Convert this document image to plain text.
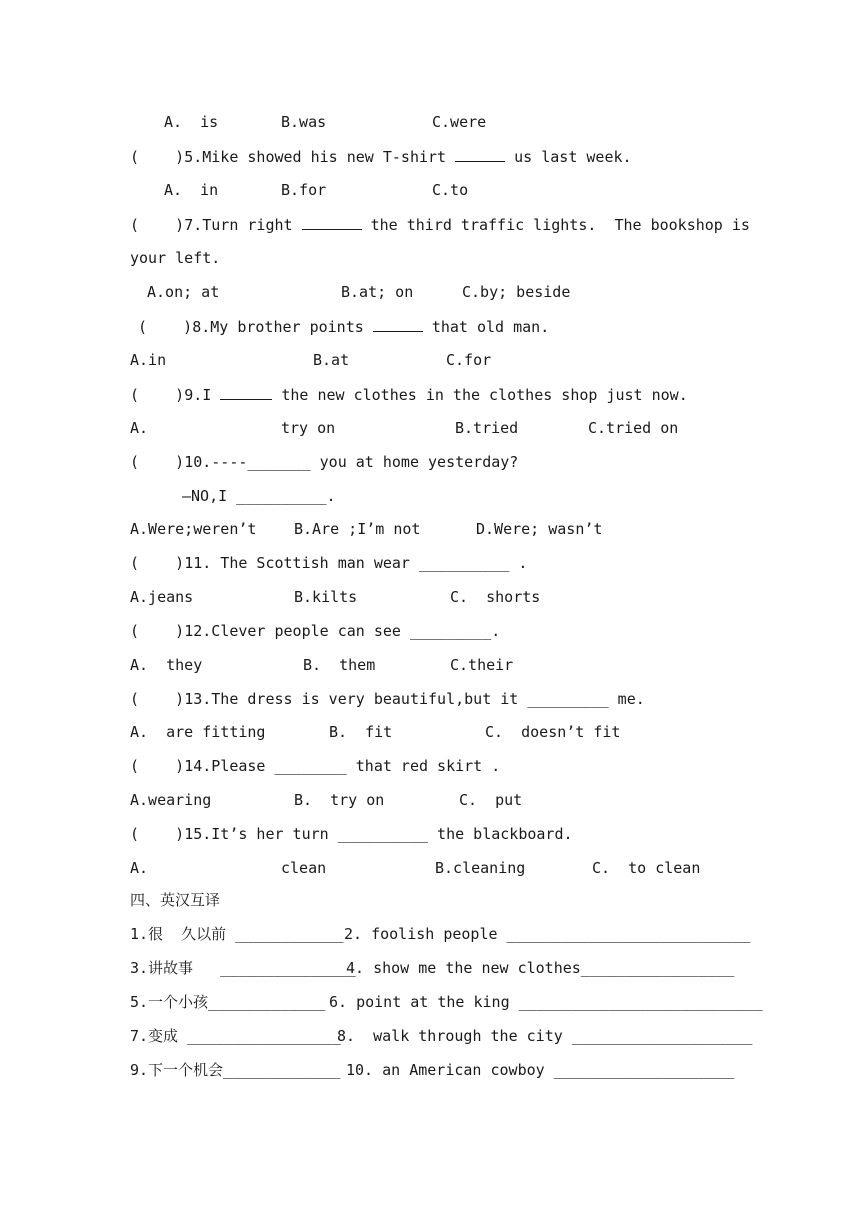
A.  is	B.was	C.were
(    )5.Mike showed his new T-shirt	us last week.
A.  in	B.for	C.to
(    )7.Turn right	the third traffic lights.  The bookshop is
your left.
A.on; at	B.at; on	C.by; beside
(    )8.My brother points	that old man.
A.in	B.at	C.for
(    )9.I	the new clothes in the clothes shop just now.
A.	try on	B.tried	C.tried on
(    )10.----_______ you at home yesterday?
—NO,I __________.
A.Were;weren’t	B.Are ;I’m not	D.Were; wasn’t
(    )11. The Scottish man wear __________ .
A.jeans	B.kilts	C.  shorts
(    )12.Clever people can see _________.
A.  they	B.  them	C.their
(    )13.The dress is very beautiful,but it _________ me.
A.  are fitting	B.  fit	C.  doesn’t fit
(    )14.Please ________ that red skirt .
A.wearing	B.  try on	C.  put
(    )15.It’s her turn __________ the blackboard.
A.	clean	B.cleaning	C.  to clean
四、英汉互译
1.很  久以前 ____________ 2. foolish people ___________________________
3.讲故事   _______________
4. show me the new clothes_________________
5.一个小孩_____________ 6. point at the king ___________________________
7.变成 _________________
8.  walk through the city ____________________
9.下一个机会_____________ 10. an American cowboy ____________________
